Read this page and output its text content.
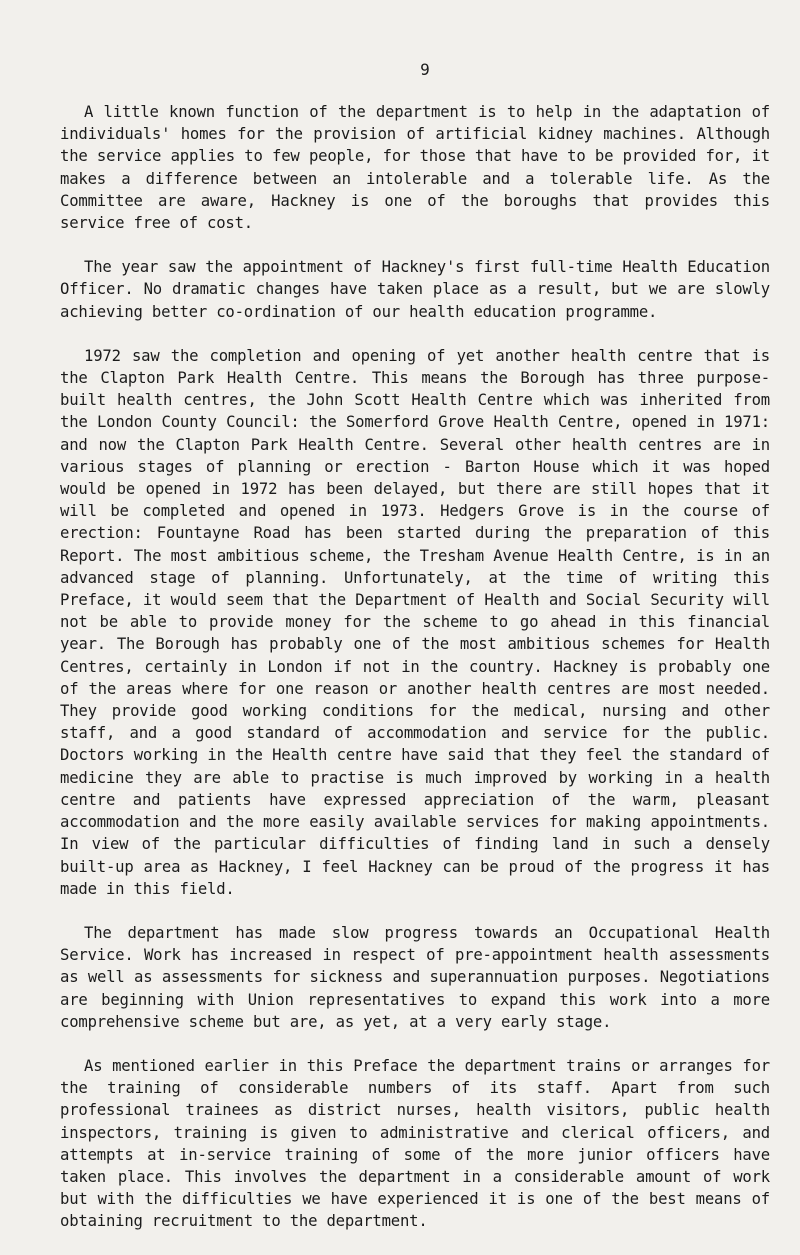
9

A little known function of the department is to help in the adaptation of individuals' homes for the provision of artificial kidney machines. Although the service applies to few people, for those that have to be provided for, it makes a difference between an intolerable and a tolerable life. As the Committee are aware, Hackney is one of the boroughs that provides this service free of cost.

The year saw the appointment of Hackney's first full-time Health Education Officer. No dramatic changes have taken place as a result, but we are slowly achieving better co-ordination of our health education programme.

1972 saw the completion and opening of yet another health centre that is the Clapton Park Health Centre. This means the Borough has three purpose-built health centres, the John Scott Health Centre which was inherited from the London County Council: the Somerford Grove Health Centre, opened in 1971: and now the Clapton Park Health Centre. Several other health centres are in various stages of planning or erection - Barton House which it was hoped would be opened in 1972 has been delayed, but there are still hopes that it will be completed and opened in 1973. Hedgers Grove is in the course of erection: Fountayne Road has been started during the preparation of this Report. The most ambitious scheme, the Tresham Avenue Health Centre, is in an advanced stage of planning. Unfortunately, at the time of writing this Preface, it would seem that the Department of Health and Social Security will not be able to provide money for the scheme to go ahead in this financial year. The Borough has probably one of the most ambitious schemes for Health Centres, certainly in London if not in the country. Hackney is probably one of the areas where for one reason or another health centres are most needed. They provide good working conditions for the medical, nursing and other staff, and a good standard of accommodation and service for the public. Doctors working in the Health centre have said that they feel the standard of medicine they are able to practise is much improved by working in a health centre and patients have expressed appreciation of the warm, pleasant accommodation and the more easily available services for making appointments. In view of the particular difficulties of finding land in such a densely built-up area as Hackney, I feel Hackney can be proud of the progress it has made in this field.

The department has made slow progress towards an Occupational Health Service. Work has increased in respect of pre-appointment health assessments as well as assessments for sickness and superannuation purposes. Negotiations are beginning with Union representatives to expand this work into a more comprehensive scheme but are, as yet, at a very early stage.

As mentioned earlier in this Preface the department trains or arranges for the training of considerable numbers of its staff. Apart from such professional trainees as district nurses, health visitors, public health inspectors, training is given to administrative and clerical officers, and attempts at in-service training of some of the more junior officers have taken place. This involves the department in a considerable amount of work but with the difficulties we have experienced it is one of the best means of obtaining recruitment to the department.
